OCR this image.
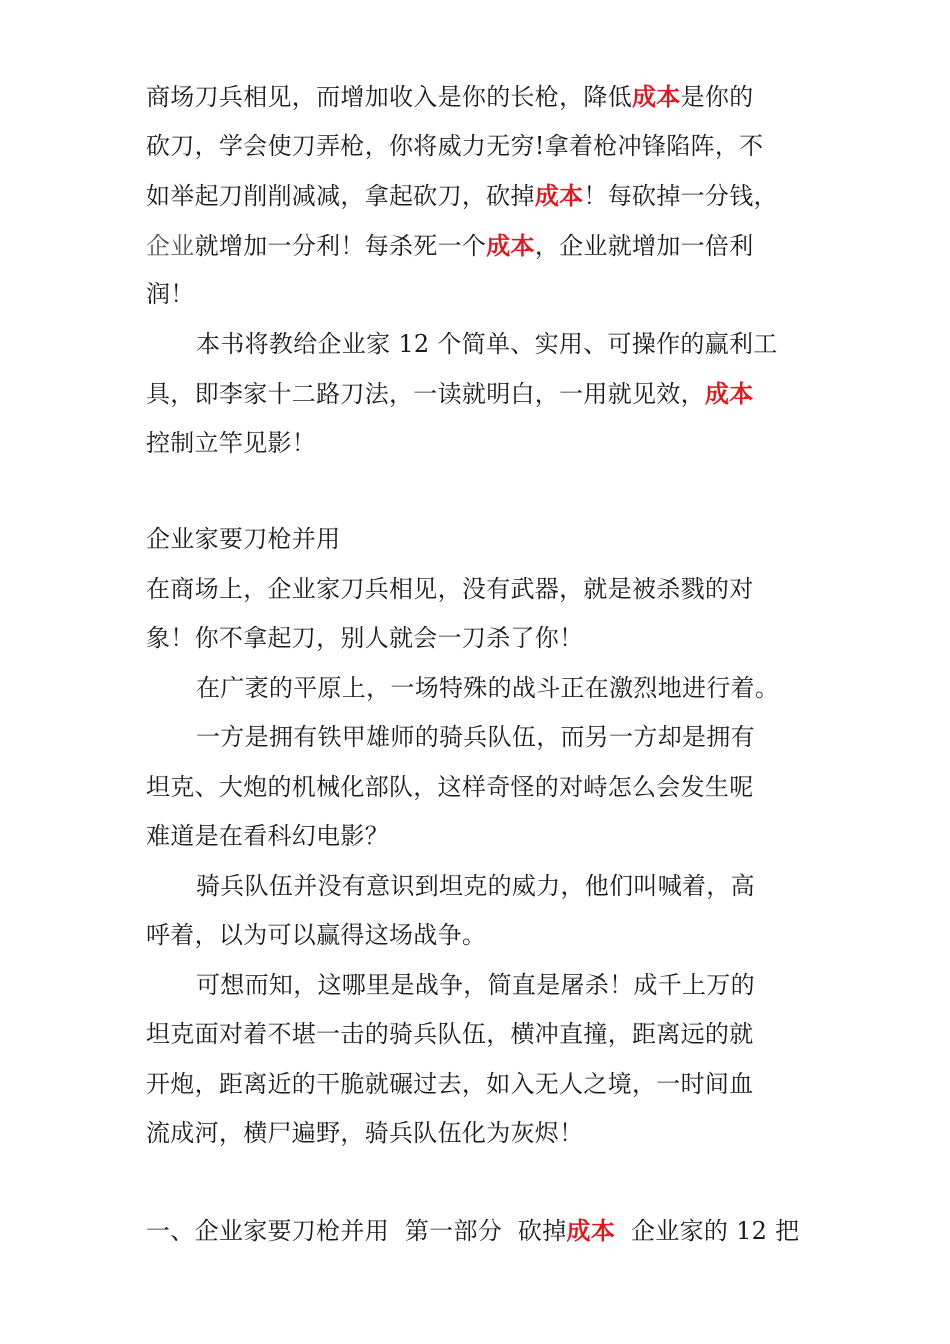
商场刀兵相见，而增加收入是你的长枪，降低成本是你的
砍刀，学会使刀弄枪，你将威力无穷!拿着枪冲锋陷阵，不
如举起刀削削减减，拿起砍刀，砍掉成本！每砍掉一分钱，
企业就增加一分利！每杀死一个成本，企业就增加一倍利
润！
本书将教给企业家 12 个简单、实用、可操作的赢利工
具，即李家十二路刀法，一读就明白，一用就见效，成本
控制立竿见影！
企业家要刀枪并用
在商场上，企业家刀兵相见，没有武器，就是被杀戮的对
象！你不拿起刀，别人就会一刀杀了你！
在广袤的平原上，一场特殊的战斗正在激烈地进行着。
一方是拥有铁甲雄师的骑兵队伍，而另一方却是拥有
坦克、大炮的机械化部队，这样奇怪的对峙怎么会发生呢
难道是在看科幻电影？
骑兵队伍并没有意识到坦克的威力，他们叫喊着，高
呼着，以为可以赢得这场战争。
可想而知，这哪里是战争，简直是屠杀！成千上万的
坦克面对着不堪一击的骑兵队伍，横冲直撞，距离远的就
开炮，距离近的干脆就碾过去，如入无人之境，一时间血
流成河，横尸遍野，骑兵队伍化为灰烬！
一、企业家要刀枪并用  第一部分  砍掉成本  企业家的 12 把
